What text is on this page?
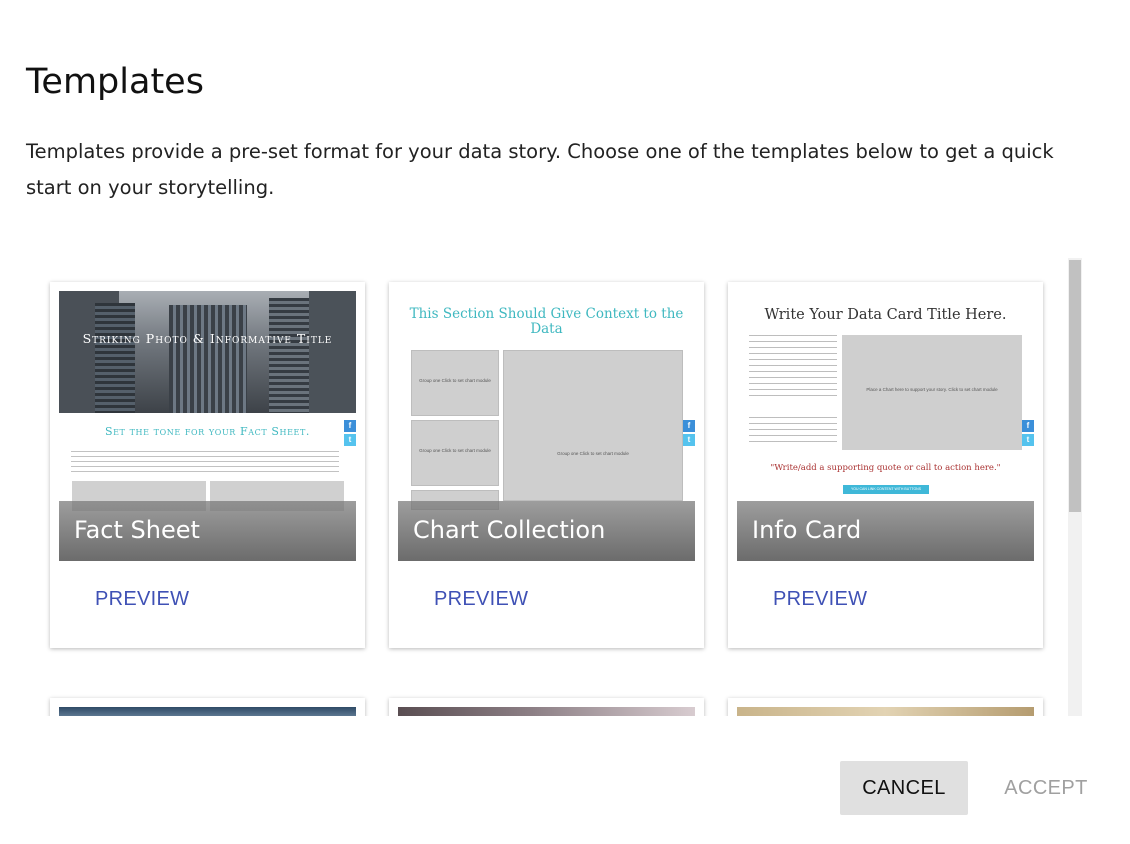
Templates

Templates provide a pre-set format for your data story. Choose one of the templates below to get a quick start on your storytelling.

Striking Photo & Informative Title
f
t
Set the tone for your Fact Sheet.
Fact Sheet
PREVIEW
This Section Should Give Context to the Data
Group one Click to set chart module
Group one Click to set chart module
Group one Click to set chart module
f
t
Chart Collection
PREVIEW
Write Your Data Card Title Here.
Place a Chart here to support your story. Click to set chart module
f
t
"Write/add a supporting quote or call to action here."
YOU CAN LINK CONTENT WITH BUTTONS
Info Card
PREVIEW
CANCEL	ACCEPT
